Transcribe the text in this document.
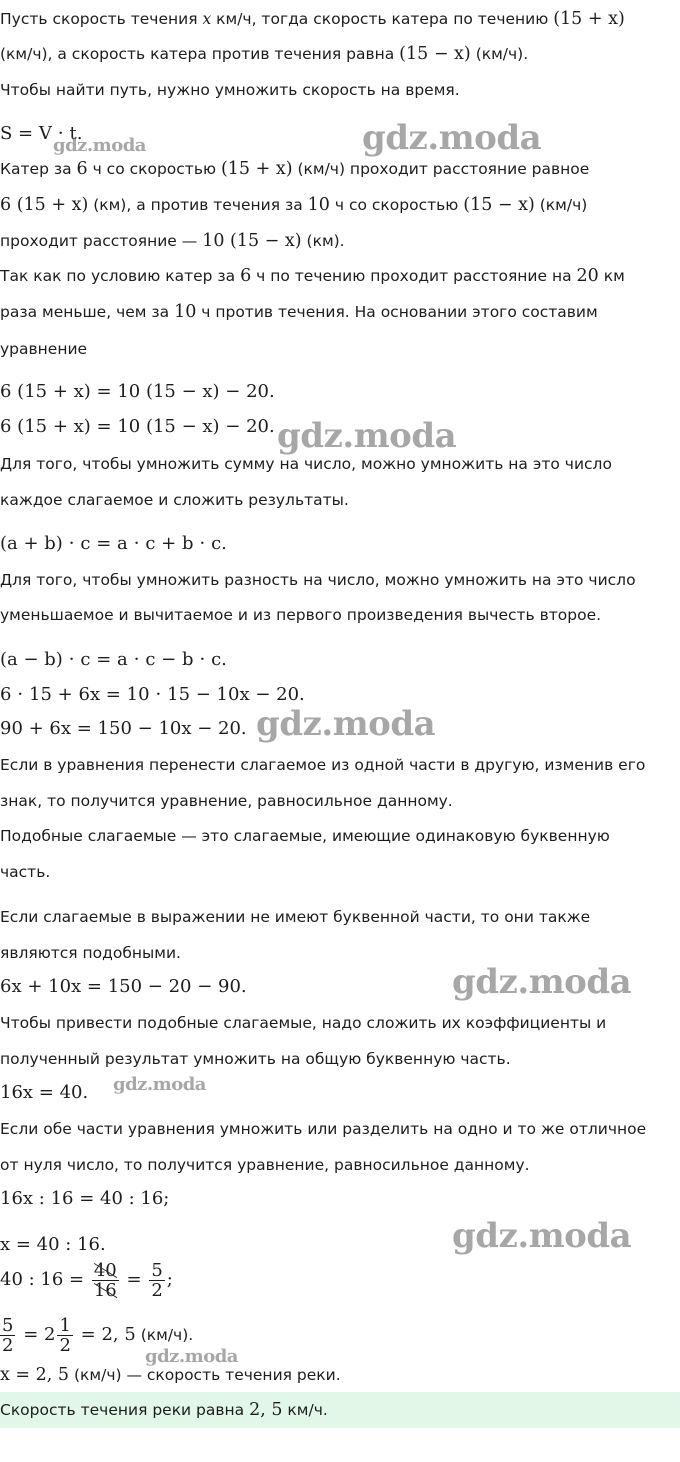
Пусть скорость течения x км/ч, тогда скорость катера по течению (15 + x)
(км/ч), а скорость катера против течения равна (15 − x) (км/ч).
Чтобы найти путь, нужно умножить скорость на время.
S = V ⋅ t.
Катер за 6 ч со скоростью (15 + x) (км/ч) проходит расстояние равное
6 (15 + x) (км), а против течения за 10 ч со скоростью (15 − x) (км/ч)
проходит расстояние — 10 (15 − x) (км).
Так как по условию катер за 6 ч по течению проходит расстояние на 20 км
раза меньше, чем за 10 ч против течения. На основании этого составим
уравнение
6 (15 + x) = 10 (15 − x) − 20.
6 (15 + x) = 10 (15 − x) − 20.
Для того, чтобы умножить сумму на число, можно умножить на это число
каждое слагаемое и сложить результаты.
(a + b) ⋅ c = a ⋅ c + b ⋅ c.
Для того, чтобы умножить разность на число, можно умножить на это число
уменьшаемое и вычитаемое и из первого произведения вычесть второе.
(a − b) ⋅ c = a ⋅ c − b ⋅ c.
6 ⋅ 15 + 6x = 10 ⋅ 15 − 10x − 20.
90 + 6x = 150 − 10x − 20.
Если в уравнения перенести слагаемое из одной части в другую, изменив его
знак, то получится уравнение, равносильное данному.
Подобные слагаемые — это слагаемые, имеющие одинаковую буквенную
часть.
Если слагаемые в выражении не имеют буквенной части, то они также
являются подобными.
6x + 10x = 150 − 20 − 90.
Чтобы привести подобные слагаемые, надо сложить их коэффициенты и
полученный результат умножить на общую буквенную часть.
16x = 40.
Если обе части уравнения умножить или разделить на одно и то же отличное
от нуля число, то получится уравнение, равносильное данному.
16x : 16 = 40 : 16;
x = 40 : 16.
40 : $16 = \frac{40}{16} = \frac{5}{2}$ ;
$\frac{5}{2} = 2 \frac{1}{2} = 2$, 5 (км/ч).
x = 2, 5 (км/ч) — скорость течения реки.
Скорость течения реки равна 2, 5 км/ч.
gdz.moda
gdz.moda
gdz.moda
gdz.moda
gdz.moda
gdz.moda
gdz.moda
gdz.moda
